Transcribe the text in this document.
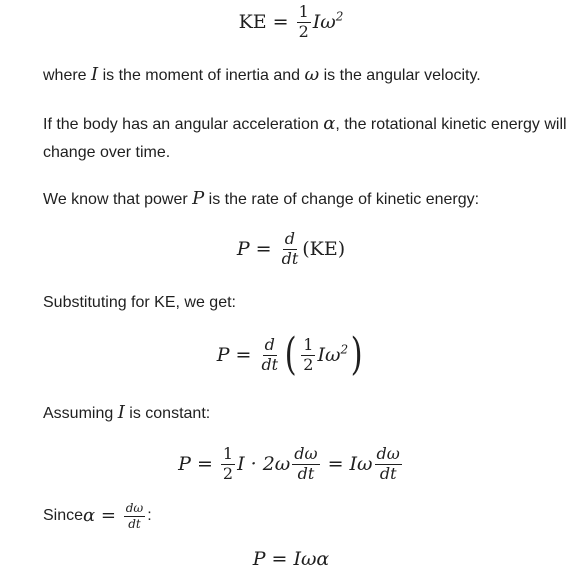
KE = $\frac{1}{2} I\omega^2$
where I is the moment of inertia and ω is the angular velocity.
If the body has an angular acceleration α, the rotational kinetic energy will change over time.
We know that power P is the rate of change of kinetic energy:
$P = \frac{d}{dt} (KE)$
Substituting for KE, we get:
$P = \frac{d}{dt}$ ( $\frac{1}{2} I\omega^2$ )
Assuming I is constant:
$P = \frac{1}{2}$ $I \cdot 2\omega \frac{d\omega}{dt} = I\omega \frac{d\omega}{dt}$
Since $\alpha = \frac{d\omega}{dt}$ :
P = Iωα
